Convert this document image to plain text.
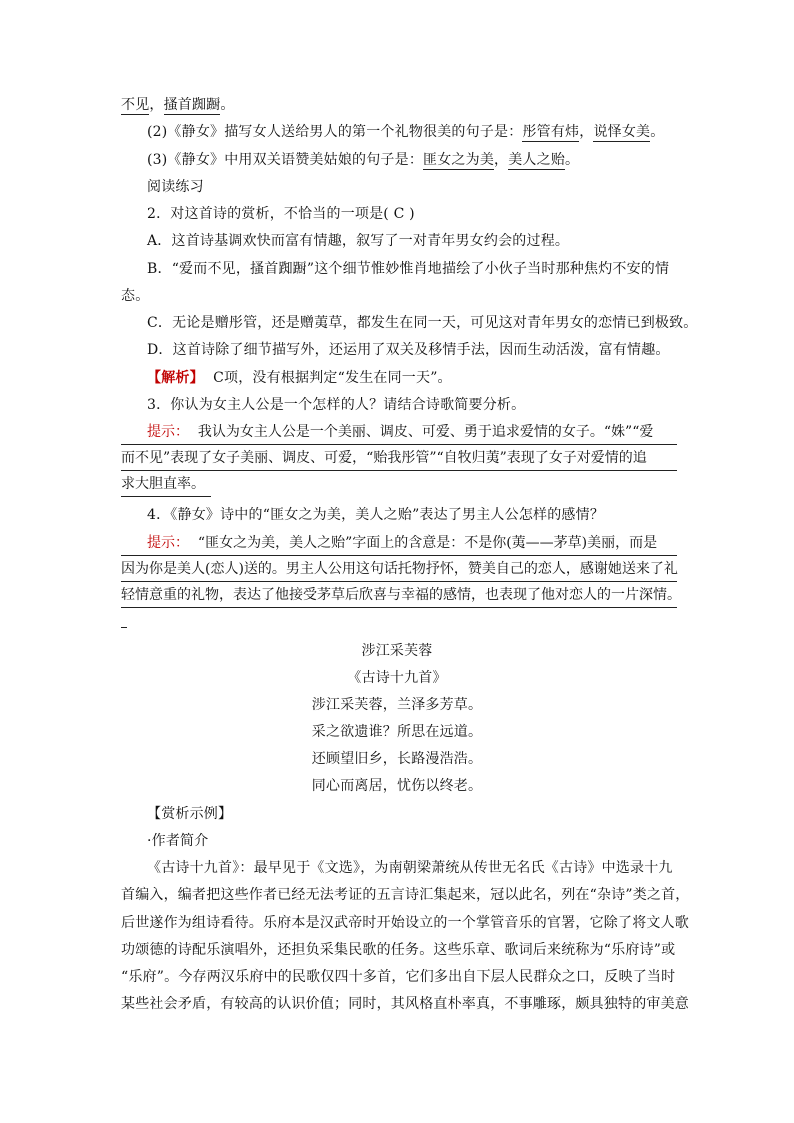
不见，搔首踟蹰。
(2)《静女》描写女人送给男人的第一个礼物很美的句子是：彤管有炜，说怿女美。
(3)《静女》中用双关语赞美姑娘的句子是：匪女之为美，美人之贻。
阅读练习
2．对这首诗的赏析，不恰当的一项是( C )
A．这首诗基调欢快而富有情趣，叙写了一对青年男女约会的过程。
B．“爱而不见，搔首踟蹰”这个细节惟妙惟肖地描绘了小伙子当时那种焦灼不安的情
态。
C．无论是赠彤管，还是赠荑草，都发生在同一天，可见这对青年男女的恋情已到极致。
D．这首诗除了细节描写外，还运用了双关及移情手法，因而生动活泼，富有情趣。
【解析】 C项，没有根据判定“发生在同一天”。
3．你认为女主人公是一个怎样的人？请结合诗歌简要分析。
提示： 我认为女主人公是一个美丽、调皮、可爱、勇于追求爱情的女子。“姝”“爱
而不见”表现了女子美丽、调皮、可爱，“贻我彤管”“自牧归荑”表现了女子对爱情的追
求大胆直率。
4．《静女》诗中的“匪女之为美，美人之贻”表达了男主人公怎样的感情？
提示： “匪女之为美，美人之贻”字面上的含意是：不是你(荑——茅草)美丽，而是
因为你是美人(恋人)送的。男主人公用这句话托物抒怀，赞美自己的恋人，感谢她送来了礼
轻情意重的礼物，表达了他接受茅草后欣喜与幸福的感情，也表现了他对恋人的一片深情。
涉江采芙蓉
《古诗十九首》
涉江采芙蓉，兰泽多芳草。
采之欲遗谁？所思在远道。
还顾望旧乡，长路漫浩浩。
同心而离居，忧伤以终老。
【赏析示例】
·作者简介
《古诗十九首》：最早见于《文选》，为南朝梁萧统从传世无名氏《古诗》中选录十九
首编入，编者把这些作者已经无法考证的五言诗汇集起来，冠以此名，列在“杂诗”类之首，
后世遂作为组诗看待。乐府本是汉武帝时开始设立的一个掌管音乐的官署，它除了将文人歌
功颂德的诗配乐演唱外，还担负采集民歌的任务。这些乐章、歌词后来统称为“乐府诗”或
“乐府”。今存两汉乐府中的民歌仅四十多首，它们多出自下层人民群众之口，反映了当时
某些社会矛盾，有较高的认识价值；同时，其风格直朴率真，不事雕琢，颇具独特的审美意
